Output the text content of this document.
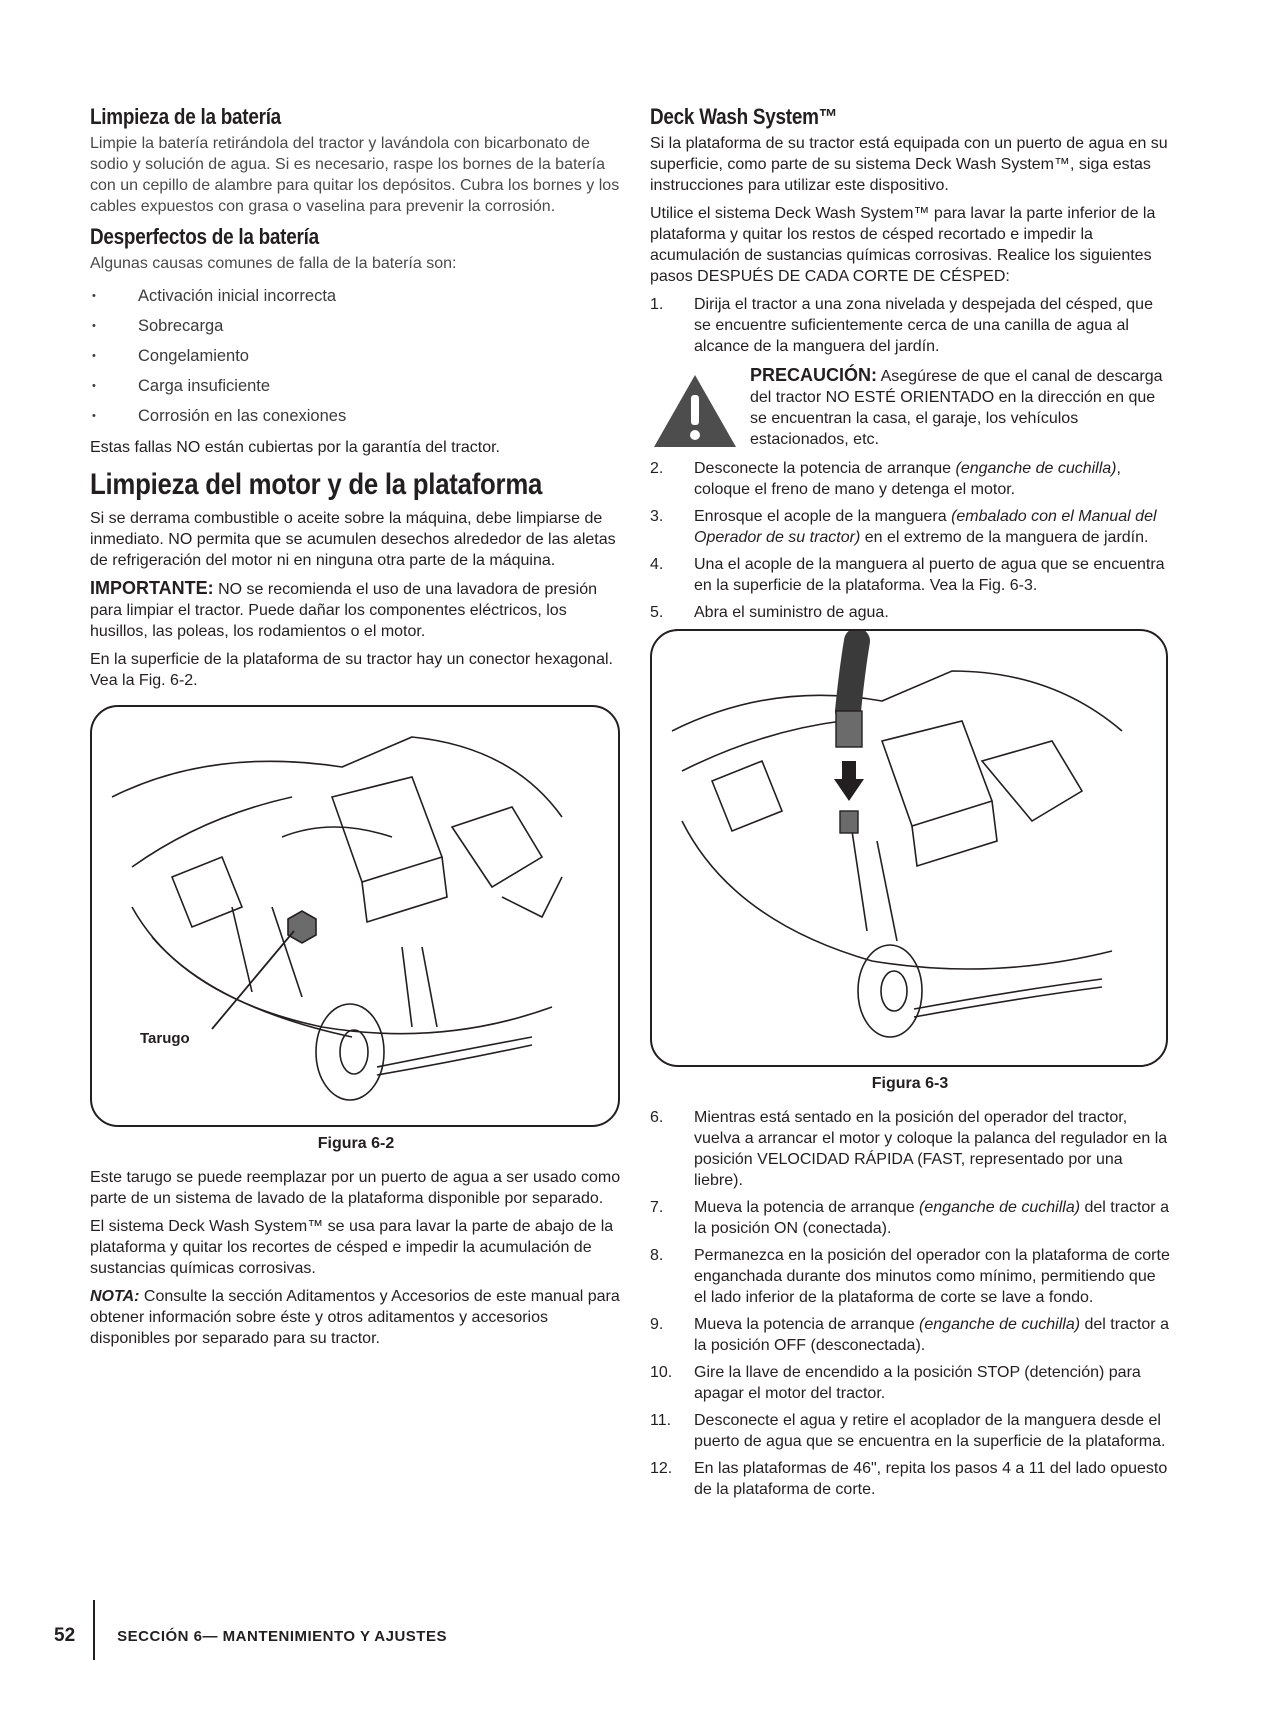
Limpieza de la batería

Limpie la batería retirándola del tractor y lavándola con bicarbonato de sodio y solución de agua. Si es necesario, raspe los bornes de la batería con un cepillo de alambre para quitar los depósitos. Cubra los bornes y los cables expuestos con grasa o vaselina para prevenir la corrosión.

Desperfectos de la batería

Algunas causas comunes de falla de la batería son:

• Activación inicial incorrecta
• Sobrecarga
• Congelamiento
• Carga insuficiente
• Corrosión en las conexiones

Estas fallas NO están cubiertas por la garantía del tractor.

Limpieza del motor y de la plataforma

Si se derrama combustible o aceite sobre la máquina, debe limpiarse de inmediato. NO permita que se acumulen desechos alrededor de las aletas de refrigeración del motor ni en ninguna otra parte de la máquina.

IMPORTANTE: NO se recomienda el uso de una lavadora de presión para limpiar el tractor. Puede dañar los componentes eléctricos, los husillos, las poleas, los rodamientos o el motor.

En la superficie de la plataforma de su tractor hay un conector hexagonal. Vea la Fig. 6-2.

Tarugo
Figura 6-2

Este tarugo se puede reemplazar por un puerto de agua a ser usado como parte de un sistema de lavado de la plataforma disponible por separado.

El sistema Deck Wash System™ se usa para lavar la parte de abajo de la plataforma y quitar los recortes de césped e impedir la acumulación de sustancias químicas corrosivas.

NOTA: Consulte la sección Aditamentos y Accesorios de este manual para obtener información sobre éste y otros aditamentos y accesorios disponibles por separado para su tractor.

Deck Wash System™

Si la plataforma de su tractor está equipada con un puerto de agua en su superficie, como parte de su sistema Deck Wash System™, siga estas instrucciones para utilizar este dispositivo.

Utilice el sistema Deck Wash System™ para lavar la parte inferior de la plataforma y quitar los restos de césped recortado e impedir la acumulación de sustancias químicas corrosivas. Realice los siguientes pasos DESPUÉS DE CADA CORTE DE CÉSPED:

1. Dirija el tractor a una zona nivelada y despejada del césped, que se encuentre suficientemente cerca de una canilla de agua al alcance de la manguera del jardín.

PRECAUCIÓN: Asegúrese de que el canal de descarga del tractor NO ESTÉ ORIENTADO en la dirección en que se encuentran la casa, el garaje, los vehículos estacionados, etc.

2. Desconecte la potencia de arranque (enganche de cuchilla), coloque el freno de mano y detenga el motor.
3. Enrosque el acople de la manguera (embalado con el Manual del Operador de su tractor) en el extremo de la manguera de jardín.
4. Una el acople de la manguera al puerto de agua que se encuentra en la superficie de la plataforma. Vea la Fig. 6-3.
5. Abra el suministro de agua.
Figura 6-3
6. Mientras está sentado en la posición del operador del tractor, vuelva a arrancar el motor y coloque la palanca del regulador en la posición VELOCIDAD RÁPIDA (FAST, representado por una liebre).
7. Mueva la potencia de arranque (enganche de cuchilla) del tractor a la posición ON (conectada).
8. Permanezca en la posición del operador con la plataforma de corte enganchada durante dos minutos como mínimo, permitiendo que el lado inferior de la plataforma de corte se lave a fondo.
9. Mueva la potencia de arranque (enganche de cuchilla) del tractor a la posición OFF (desconectada).
10. Gire la llave de encendido a la posición STOP (detención) para apagar el motor del tractor.
11. Desconecte el agua y retire el acoplador de la manguera desde el puerto de agua que se encuentra en la superficie de la plataforma.
12. En las plataformas de 46", repita los pasos 4 a 11 del lado opuesto de la plataforma de corte.
52	SECCIÓN 6— MANTENIMIENTO Y AJUSTES
